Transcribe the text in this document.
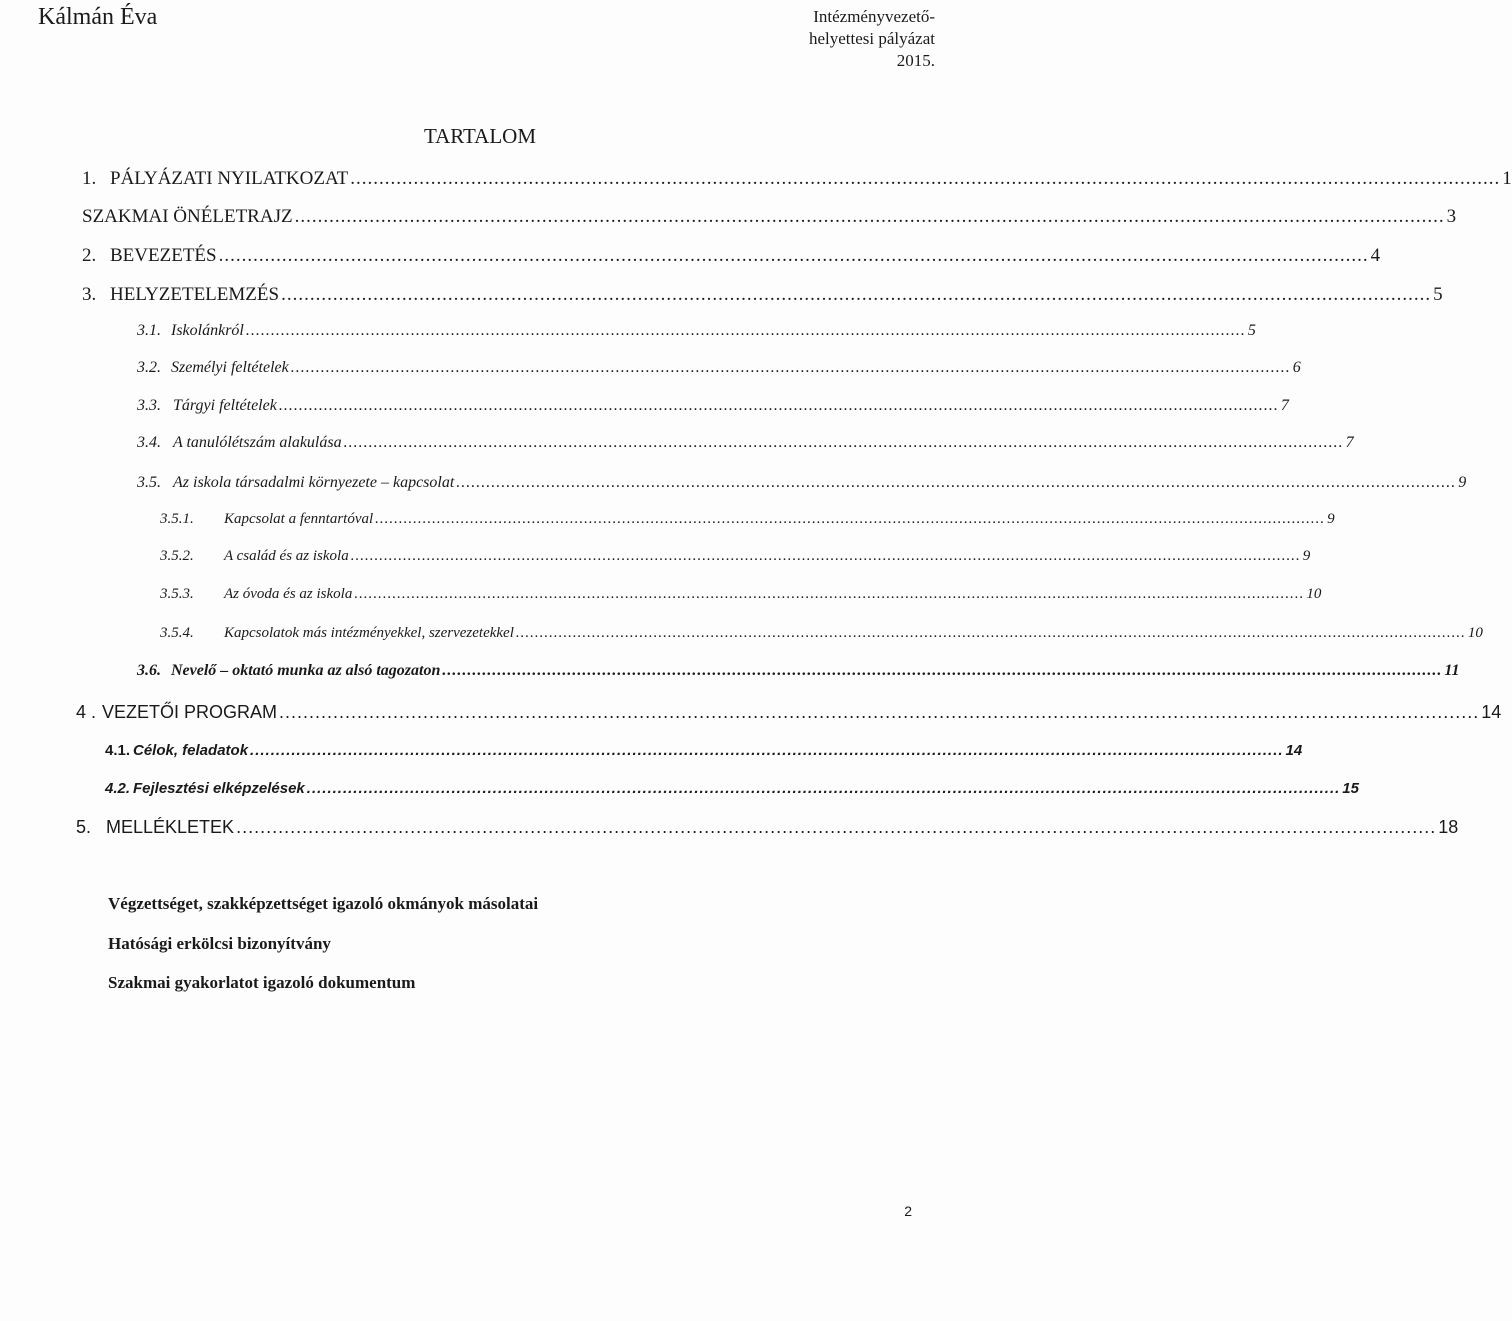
Kálmán Éva	Intézményvezető-
helyettesi pályázat
2015.
TARTALOM
1. PÁLYÁZATI NYILATKOZAT ........................................................................................................................................................................................................ 1
SZAKMAI ÖNÉLETRAJZ ........................................................................................................................................................................................................ 3
2. BEVEZETÉS ........................................................................................................................................................................................................ 4
3. HELYZETELEMZÉS ........................................................................................................................................................................................................ 5
3.1. Iskolánkról ........................................................................................................................................................................................................ 5
3.2. Személyi feltételek ........................................................................................................................................................................................................ 6
3.3. Tárgyi feltételek ........................................................................................................................................................................................................ 7
3.4. A tanulólétszám alakulása ........................................................................................................................................................................................................ 7
3.5. Az iskola társadalmi környezete – kapcsolat ........................................................................................................................................................................................................ 9
3.5.1.	Kapcsolat a fenntartóval ........................................................................................................................................................................................................ 9
3.5.2.	A család és az iskola ........................................................................................................................................................................................................ 9
3.5.3.	Az óvoda és az iskola ........................................................................................................................................................................................................ 10
3.5.4.	Kapcsolatok más intézményekkel, szervezetekkel ........................................................................................................................................................................................................ 10
3.6. Nevelő – oktató munka az alsó tagozaton ........................................................................................................................................................................................................ 11
4 . VEZETŐI PROGRAM ........................................................................................................................................................................................................ 14
4.1. Célok, feladatok ........................................................................................................................................................................................................ 14
4.2. Fejlesztési elképzelések ........................................................................................................................................................................................................ 15
5. MELLÉKLETEK ........................................................................................................................................................................................................ 18
Végzettséget, szakképzettséget igazoló okmányok másolatai
Hatósági erkölcsi bizonyítvány
Szakmai gyakorlatot igazoló dokumentum
2
